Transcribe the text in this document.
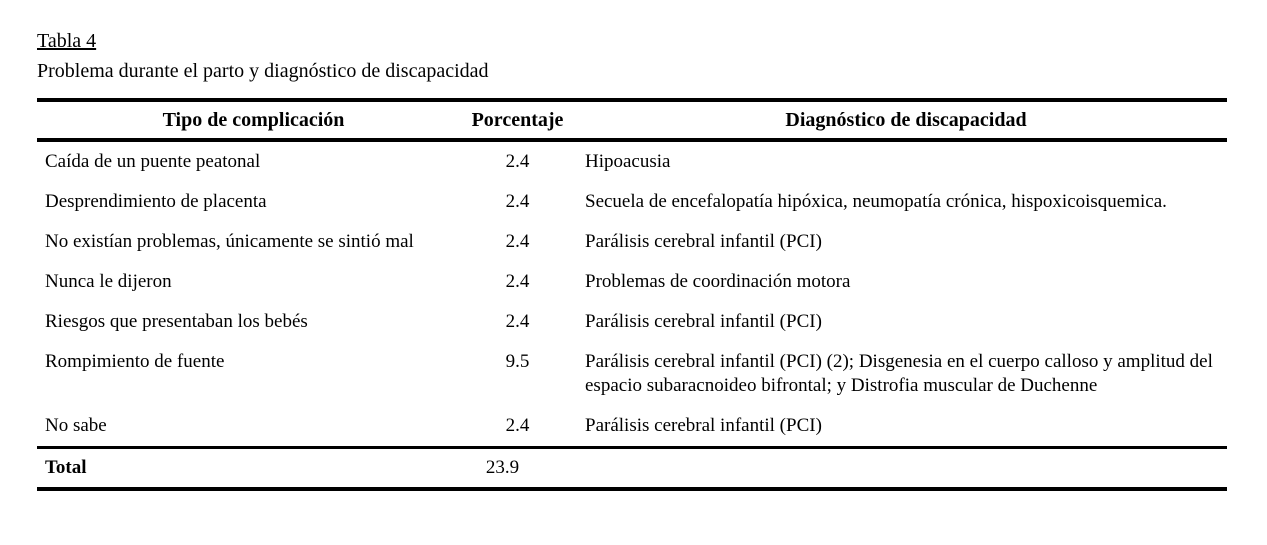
Tabla 4
Problema durante el parto y diagnóstico de discapacidad
Tipo de complicación	Porcentaje	Diagnóstico de discapacidad
Caída de un puente peatonal	2.4	Hipoacusia
Desprendimiento de placenta	2.4	Secuela de encefalopatía hipóxica, neumopatía crónica, hispoxicoisquemica.
No existían problemas, únicamente se sintió mal	2.4	Parálisis cerebral infantil (PCI)
Nunca le dijeron	2.4	Problemas de coordinación motora
Riesgos que presentaban los bebés	2.4	Parálisis cerebral infantil (PCI)
Rompimiento de fuente	9.5	Parálisis cerebral infantil (PCI) (2); Disgenesia en el cuerpo calloso y amplitud del espacio subaracnoideo bifrontal; y Distrofia muscular de Duchenne
No sabe	2.4	Parálisis cerebral infantil (PCI)
Total	23.9	
